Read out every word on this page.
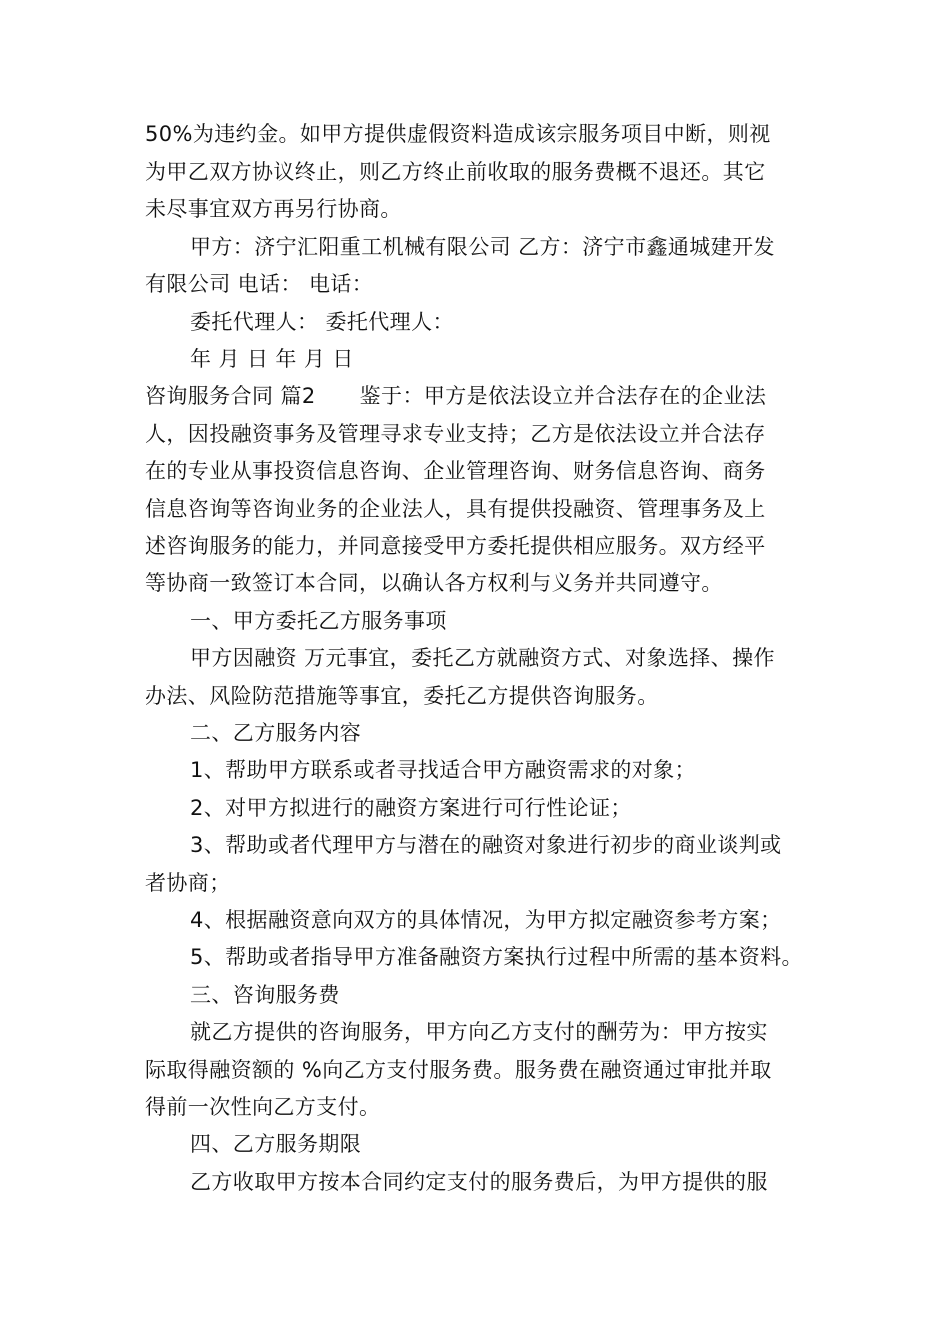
50%为违约金。如甲方提供虚假资料造成该宗服务项目中断，则视
为甲乙双方协议终止，则乙方终止前收取的服务费概不退还。其它
未尽事宜双方再另行协商。
甲方：济宁汇阳重工机械有限公司 乙方：济宁市鑫通城建开发
有限公司 电话： 电话：
委托代理人： 委托代理人：
年 月 日 年 月 日
咨询服务合同 篇2 鉴于：甲方是依法设立并合法存在的企业法
人，因投融资事务及管理寻求专业支持；乙方是依法设立并合法存
在的专业从事投资信息咨询、企业管理咨询、财务信息咨询、商务
信息咨询等咨询业务的企业法人，具有提供投融资、管理事务及上
述咨询服务的能力，并同意接受甲方委托提供相应服务。双方经平
等协商一致签订本合同，以确认各方权利与义务并共同遵守。
一、甲方委托乙方服务事项
甲方因融资 万元事宜，委托乙方就融资方式、对象选择、操作
办法、风险防范措施等事宜，委托乙方提供咨询服务。
二、乙方服务内容
1、帮助甲方联系或者寻找适合甲方融资需求的对象；
2、对甲方拟进行的融资方案进行可行性论证；
3、帮助或者代理甲方与潜在的融资对象进行初步的商业谈判或
者协商；
4、根据融资意向双方的具体情况，为甲方拟定融资参考方案；
5、帮助或者指导甲方准备融资方案执行过程中所需的基本资料。
三、咨询服务费
就乙方提供的咨询服务，甲方向乙方支付的酬劳为：甲方按实
际取得融资额的 %向乙方支付服务费。服务费在融资通过审批并取
得前一次性向乙方支付。
四、乙方服务期限
乙方收取甲方按本合同约定支付的服务费后，为甲方提供的服
